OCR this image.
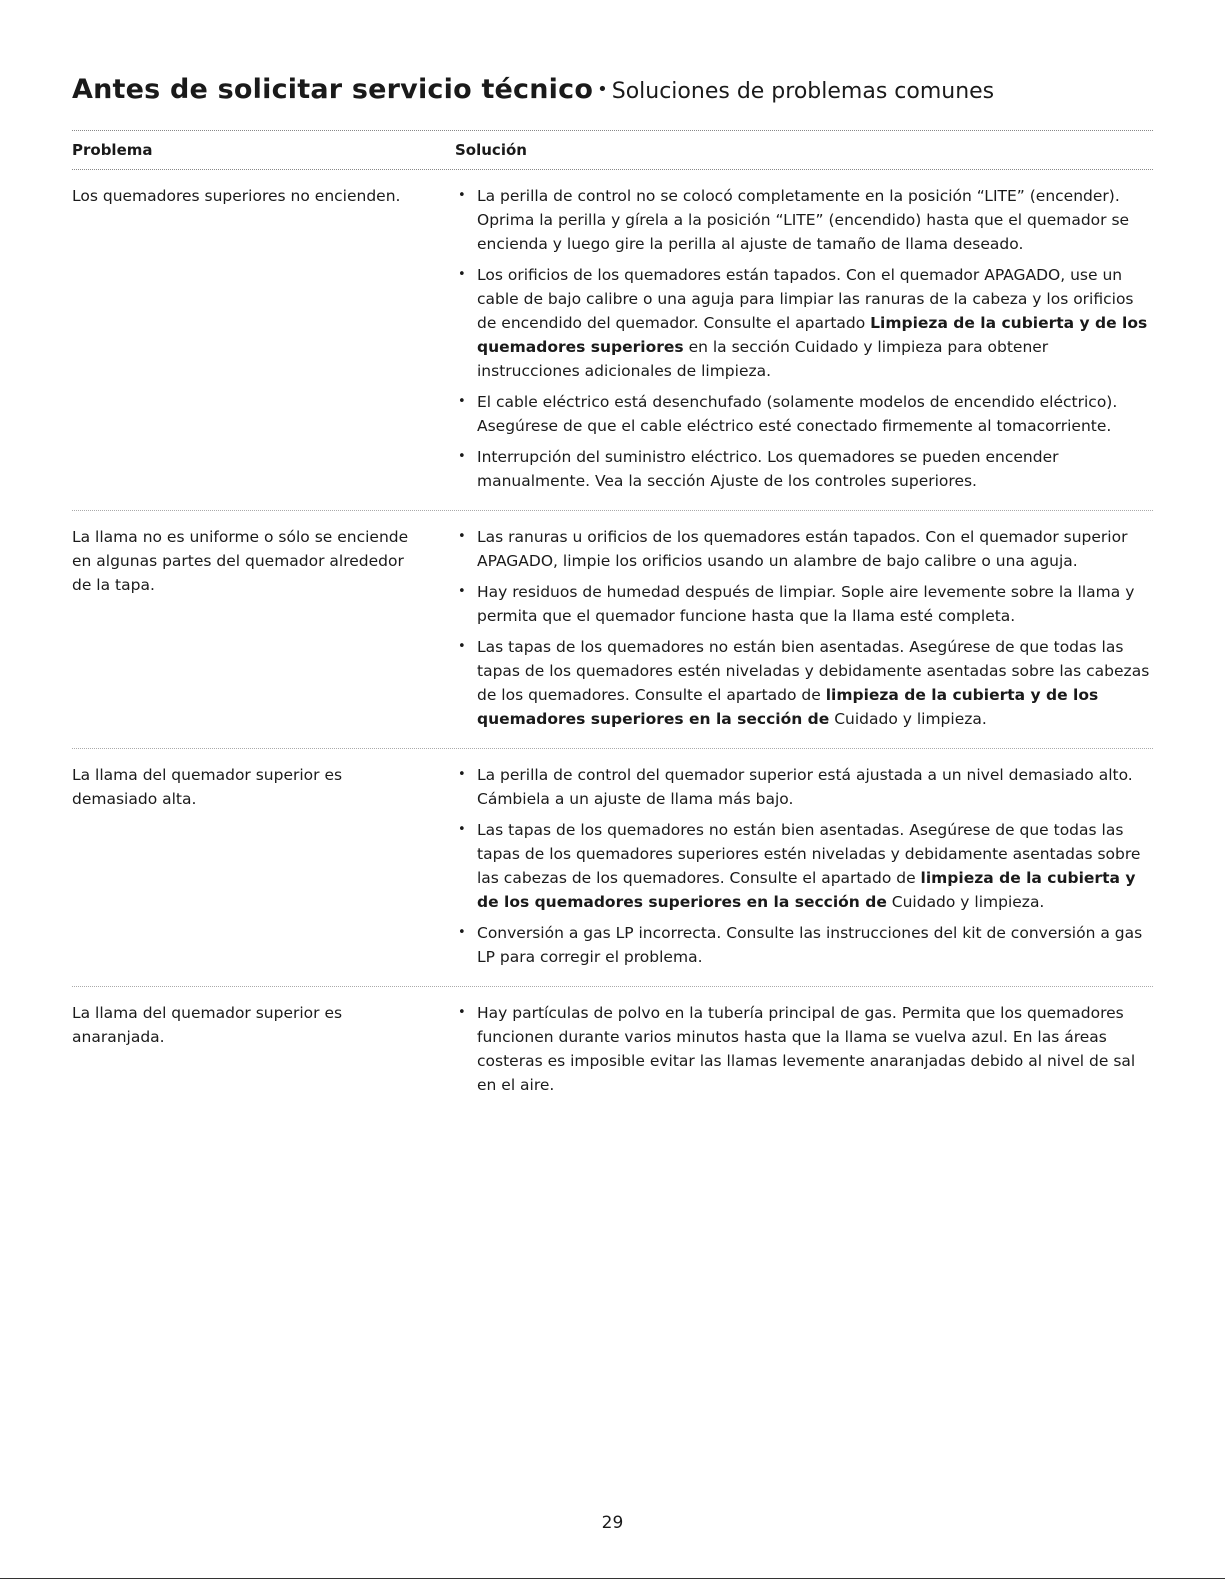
Antes de solicitar servicio técnico • Soluciones de problemas comunes
Problema	Solución
Los quemadores superiores no encienden.
•	La perilla de control no se colocó completamente en la posición “LITE” (encender). Oprima la perilla y gírela a la posición “LITE” (encendido) hasta que el quemador se encienda y luego gire la perilla al ajuste de tamaño de llama deseado.
• Los orificios de los quemadores están tapados. Con el quemador APAGADO, use un cable de bajo calibre o una aguja para limpiar las ranuras de la cabeza y los orificios de encendido del quemador. Consulte el apartado Limpieza de la cubierta y de los quemadores superiores en la sección Cuidado y limpieza para obtener instrucciones adicionales de limpieza.
• El cable eléctrico está desenchufado (solamente modelos de encendido eléctrico). Asegúrese de que el cable eléctrico esté conectado firmemente al tomacorriente.
• Interrupción del suministro eléctrico. Los quemadores se pueden encender manualmente. Vea la sección Ajuste de los controles superiores.
La llama no es uniforme o sólo se enciende en algunas partes del quemador alrededor de la tapa.
• Las ranuras u orificios de los quemadores están tapados. Con el quemador superior APAGADO, limpie los orificios usando un alambre de bajo calibre o una aguja.
• Hay residuos de humedad después de limpiar. Sople aire levemente sobre la llama y permita que el quemador funcione hasta que la llama esté completa.
• Las tapas de los quemadores no están bien asentadas. Asegúrese de que todas las tapas de los quemadores estén niveladas y debidamente asentadas sobre las cabezas de los quemadores. Consulte el apartado de limpieza de la cubierta y de los quemadores superiores en la sección de Cuidado y limpieza.
La llama del quemador superior es demasiado alta.
• La perilla de control del quemador superior está ajustada a un nivel demasiado alto. Cámbiela a un ajuste de llama más bajo.
• Las tapas de los quemadores no están bien asentadas. Asegúrese de que todas las tapas de los quemadores superiores estén niveladas y debidamente asentadas sobre las cabezas de los quemadores. Consulte el apartado de limpieza de la cubierta y de los quemadores superiores en la sección de Cuidado y limpieza.
• Conversión a gas LP incorrecta. Consulte las instrucciones del kit de conversión a gas LP para corregir el problema.
La llama del quemador superior es anaranjada.
• Hay partículas de polvo en la tubería principal de gas. Permita que los quemadores funcionen durante varios minutos hasta que la llama se vuelva azul. En las áreas costeras es imposible evitar las llamas levemente anaranjadas debido al nivel de sal en el aire.
29
